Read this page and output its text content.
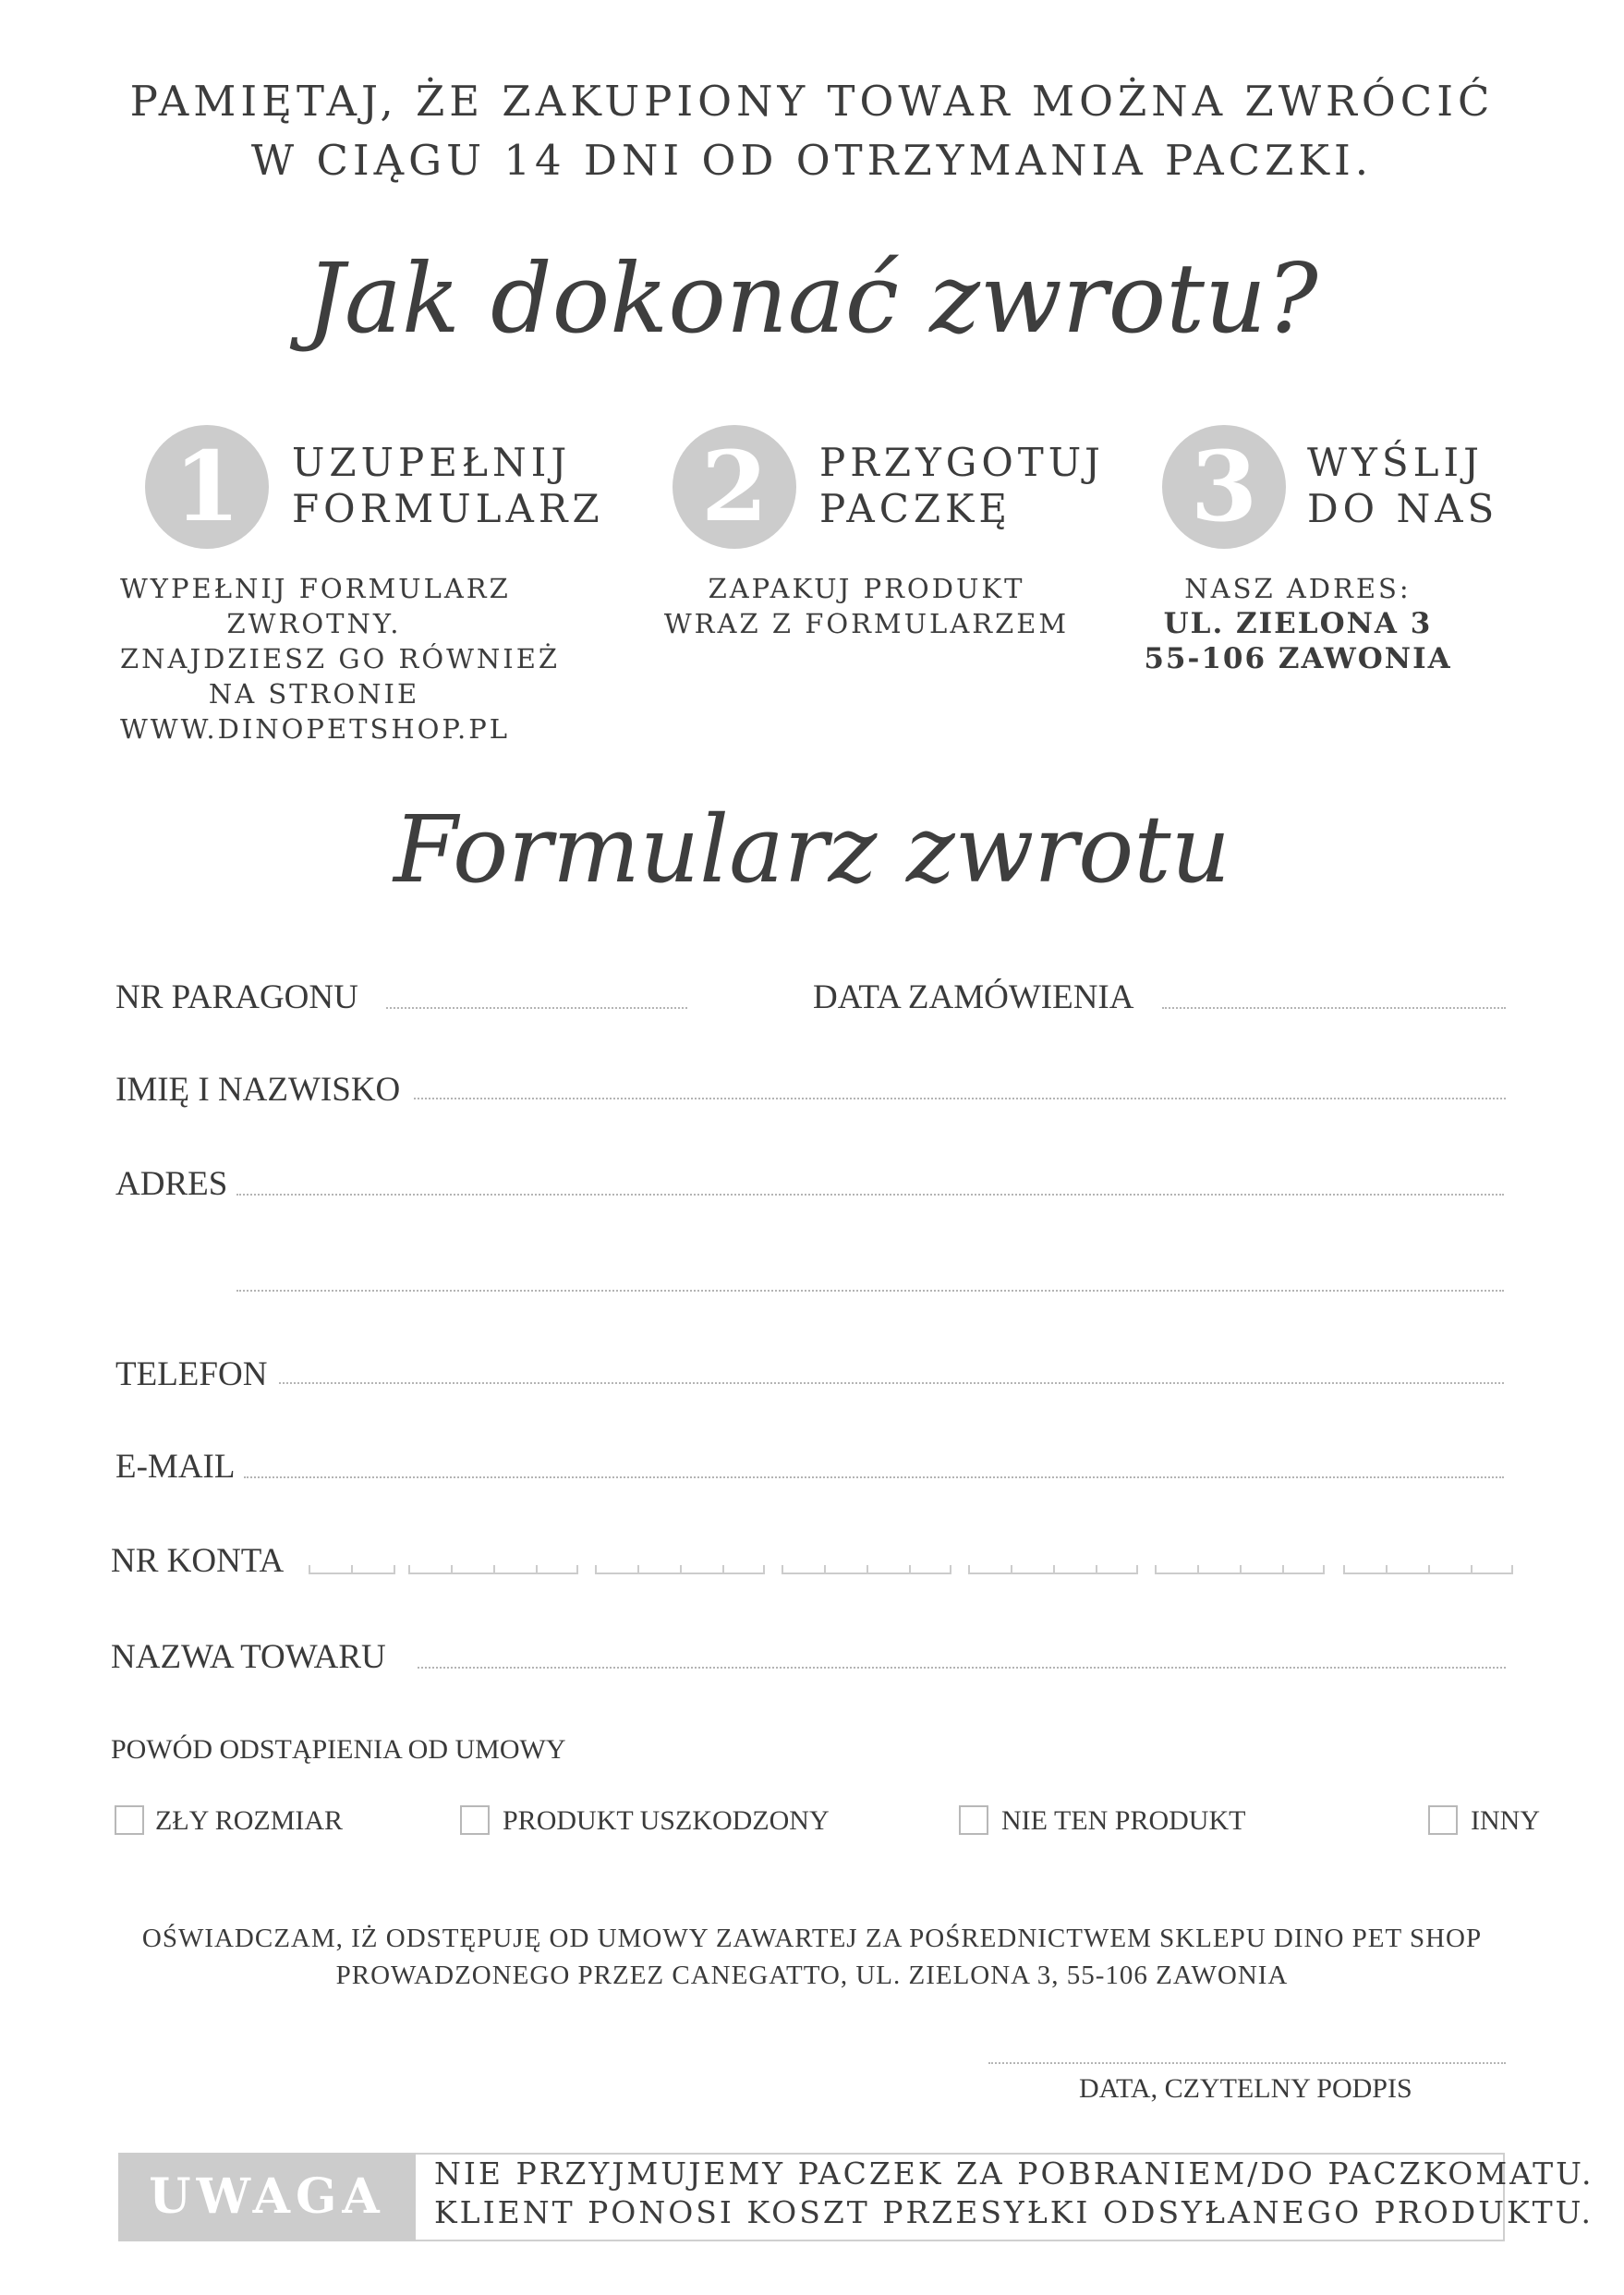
PAMIĘTAJ, ŻE ZAKUPIONY TOWAR MOŻNA ZWRÓCIĆ
W CIĄGU 14 DNI OD OTRZYMANIA PACZKI.
Jak dokonać zwrotu?
1	UZUPEŁNIJ
FORMULARZ
WYPEŁNIJ FORMULARZ
ZWROTNY.
ZNAJDZIESZ GO RÓWNIEŻ
NA STRONIE
WWW.DINOPETSHOP.PL
2	PRZYGOTUJ
PACZKĘ
ZAPAKUJ PRODUKT
WRAZ Z FORMULARZEM
3	WYŚLIJ
DO NAS
NASZ ADRES:
UL. ZIELONA 3
55-106 ZAWONIA
Formularz zwrotu
NR PARAGONU	DATA ZAMÓWIENIA
IMIĘ I NAZWISKO
ADRES
TELEFON
E-MAIL
NR KONTA
NAZWA TOWARU
POWÓD ODSTĄPIENIA OD UMOWY
ZŁY ROZMIAR	PRODUKT USZKODZONY	NIE TEN PRODUKT	INNY
OŚWIADCZAM, IŻ ODSTĘPUJĘ OD UMOWY ZAWARTEJ ZA POŚREDNICTWEM SKLEPU DINO PET SHOP
PROWADZONEGO PRZEZ CANEGATTO, UL. ZIELONA 3, 55-106 ZAWONIA
DATA, CZYTELNY PODPIS
UWAGA	NIE PRZYJMUJEMY PACZEK ZA POBRANIEM/DO PACZKOMATU.
KLIENT PONOSI KOSZT PRZESYŁKI ODSYŁANEGO PRODUKTU.
